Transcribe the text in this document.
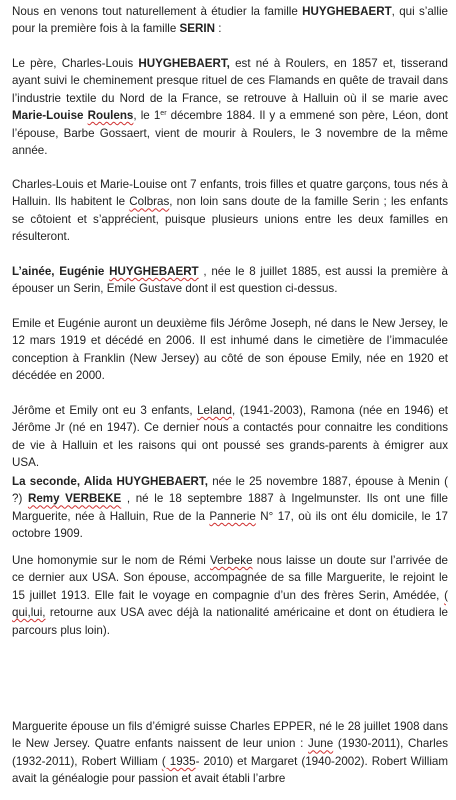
Nous en venons tout naturellement à étudier la famille HUYGHEBAERT, qui s’allie pour la première fois à la famille SERIN :

Le père, Charles-Louis HUYGHEBAERT, est né à Roulers, en 1857 et, tisserand ayant suivi le cheminement presque rituel de ces Flamands en quête de travail dans l’industrie textile du Nord de la France, se retrouve à Halluin où il se marie avec Marie-Louise Roulens, le 1er décembre 1884. Il y a emmené son père, Léon, dont l’épouse, Barbe Gossaert, vient de mourir à Roulers, le 3 novembre de la même année.

Charles-Louis et Marie-Louise ont 7 enfants, trois filles et quatre garçons, tous nés à Halluin. Ils habitent le Colbras, non loin sans doute de la famille Serin ; les enfants se côtoient et s’apprécient, puisque plusieurs unions entre les deux familles en résulteront.

L’ainée, Eugénie HUYGHEBAERT , née le 8 juillet 1885, est aussi la première à épouser un Serin, Emile Gustave dont il est question ci-dessus.

Emile et Eugénie auront un deuxième fils Jérôme Joseph, né dans le New Jersey, le 12 mars 1919 et décédé en 2006. Il est inhumé dans le cimetière de l’immaculée conception à Franklin (New Jersey) au côté de son épouse Emily, née en 1920 et décédée en 2000.

Jérôme et Emily ont eu 3 enfants, Leland, (1941-2003), Ramona (née en 1946) et Jérôme Jr (né en 1947). Ce dernier nous a contactés pour connaitre les conditions de vie à Halluin et les raisons qui ont poussé ses grands-parents à émigrer aux USA.

La seconde, Alida HUYGHEBAERT, née le 25 novembre 1887, épouse à Menin ( ?) Remy VERBEKE , né le 18 septembre 1887 à Ingelmunster. Ils ont une fille Marguerite, née à Halluin, Rue de la Pannerie N° 17, où ils ont élu domicile, le 17 octobre 1909.

Une homonymie sur le nom de Rémi Verbeke nous laisse un doute sur l’arrivée de ce dernier aux USA. Son épouse, accompagnée de sa fille Marguerite, le rejoint le 15 juillet 1913. Elle fait le voyage en compagnie d’un des frères Serin, Amédée, ( qui,lui, retourne aux USA avec déjà la nationalité américaine et dont on étudiera le parcours plus loin).

Marguerite épouse un fils d’émigré suisse Charles EPPER, né le 28 juillet 1908 dans le New Jersey. Quatre enfants naissent de leur union : June (1930-2011), Charles (1932-2011), Robert William ( 1935- 2010) et Margaret (1940-2002). Robert William avait la généalogie pour passion et avait établi l’arbre
